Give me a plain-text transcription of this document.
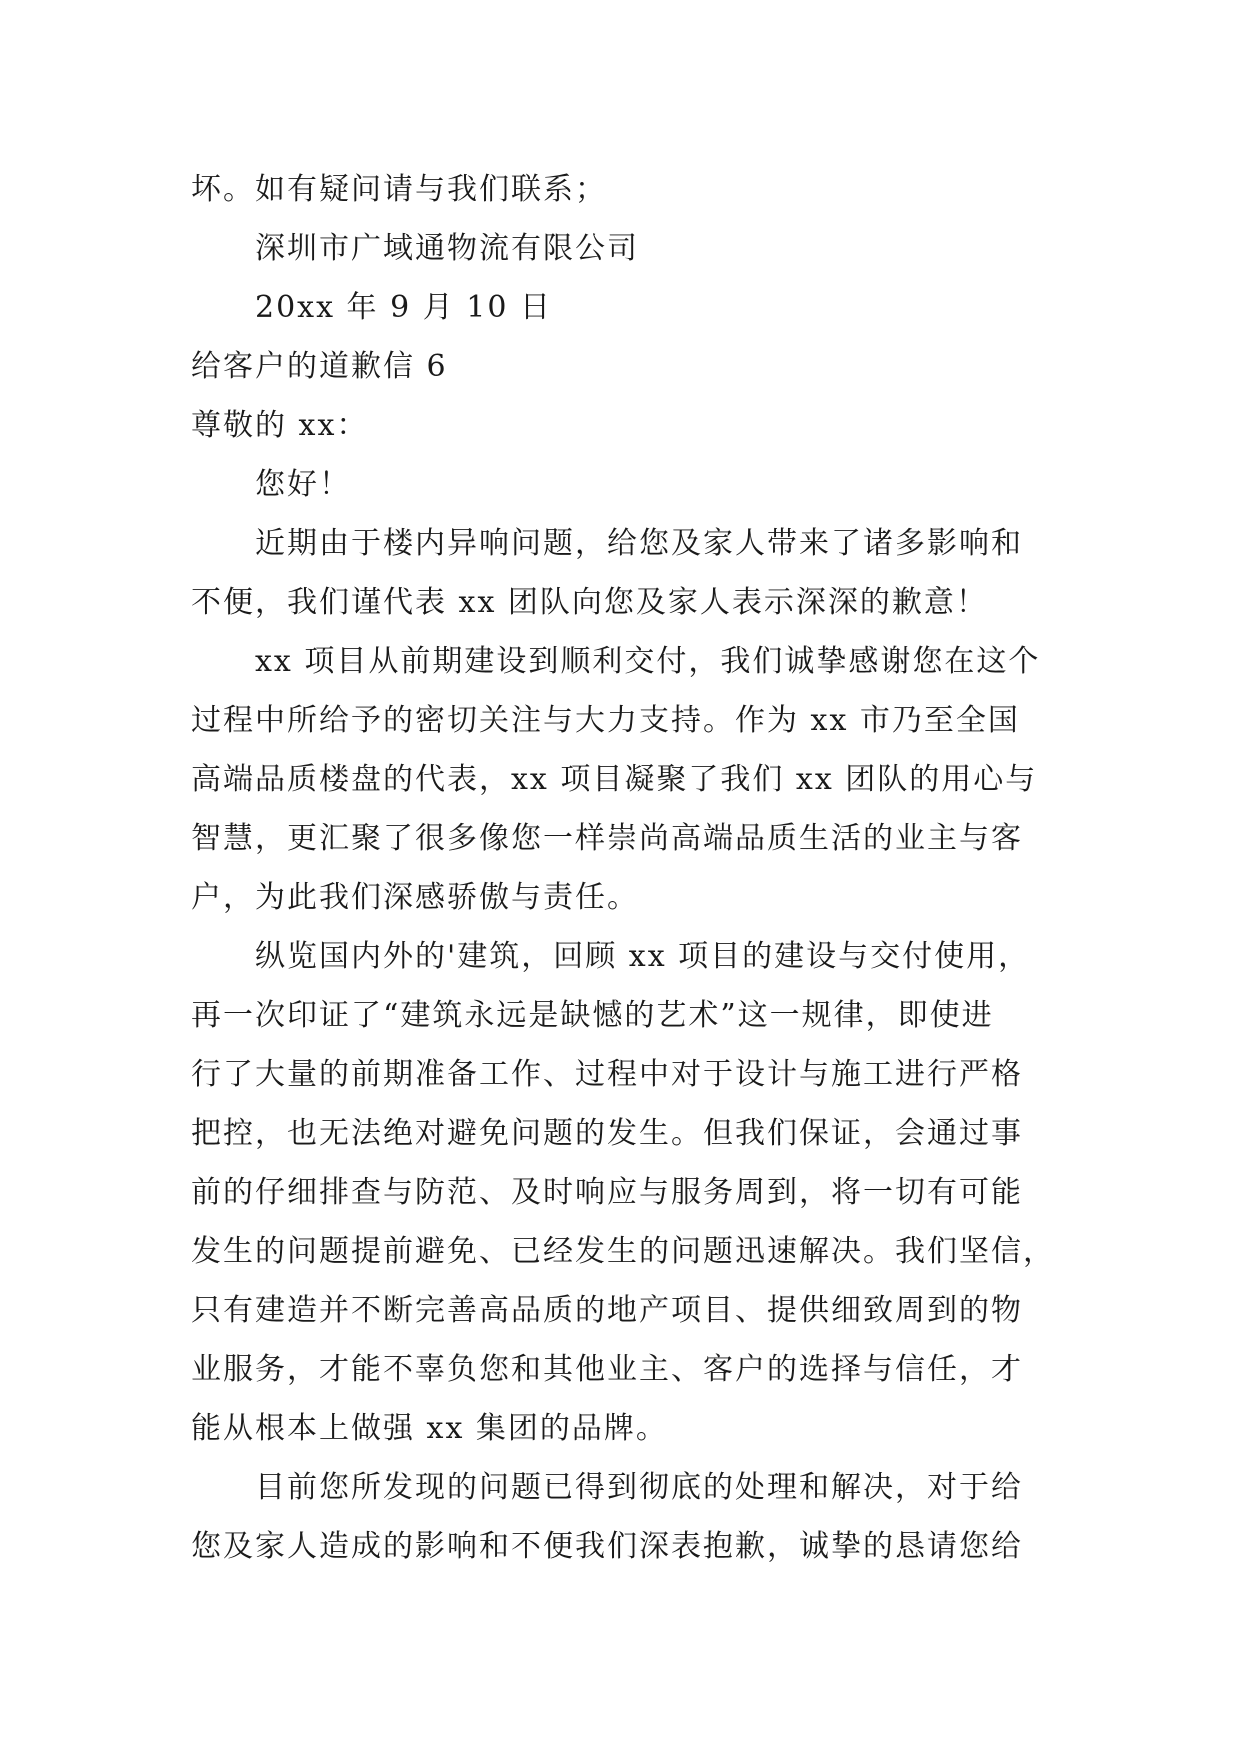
坏。如有疑问请与我们联系；
深圳市广域通物流有限公司
20xx 年 9 月 10 日
给客户的道歉信 6
尊敬的 xx：
您好！
近期由于楼内异响问题，给您及家人带来了诸多影响和
不便，我们谨代表 xx 团队向您及家人表示深深的歉意！
xx 项目从前期建设到顺利交付，我们诚挚感谢您在这个
过程中所给予的密切关注与大力支持。作为 xx 市乃至全国
高端品质楼盘的代表，xx 项目凝聚了我们 xx 团队的用心与
智慧，更汇聚了很多像您一样崇尚高端品质生活的业主与客
户，为此我们深感骄傲与责任。
纵览国内外的'建筑，回顾 xx 项目的建设与交付使用，
再一次印证了“建筑永远是缺憾的艺术”这一规律，即使进
行了大量的前期准备工作、过程中对于设计与施工进行严格
把控，也无法绝对避免问题的发生。但我们保证，会通过事
前的仔细排查与防范、及时响应与服务周到，将一切有可能
发生的问题提前避免、已经发生的问题迅速解决。我们坚信，
只有建造并不断完善高品质的地产项目、提供细致周到的物
业服务，才能不辜负您和其他业主、客户的选择与信任，才
能从根本上做强 xx 集团的品牌。
目前您所发现的问题已得到彻底的处理和解决，对于给
您及家人造成的影响和不便我们深表抱歉，诚挚的恳请您给
